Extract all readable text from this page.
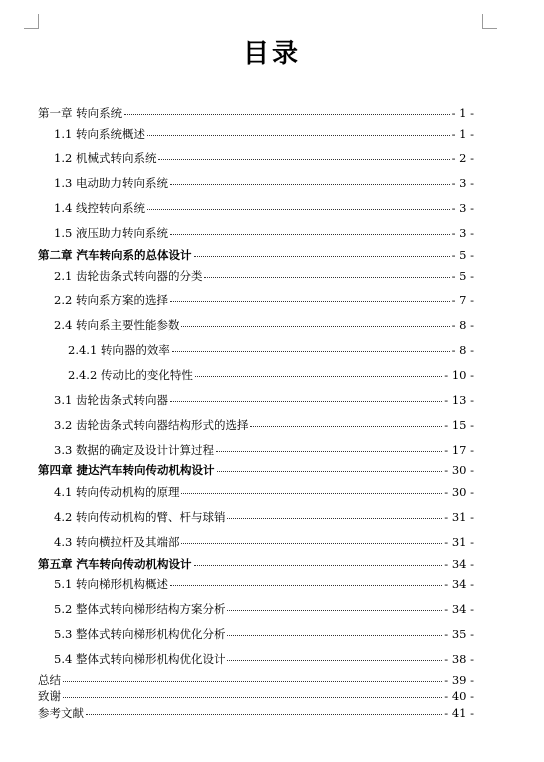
目录
第一章 转向系统	- 1 -
1.1 转向系统概述	- 1 -
1.2 机械式转向系统	- 2 -
1.3 电动助力转向系统	- 3 -
1.4 线控转向系统	- 3 -
1.5 液压助力转向系统	- 3 -
第二章 汽车转向系的总体设计	- 5 -
2.1 齿轮齿条式转向器的分类	- 5 -
2.2 转向系方案的选择	- 7 -
2.4 转向系主要性能参数	- 8 -
2.4.1 转向器的效率	- 8 -
2.4.2 传动比的变化特性	- 10 -
3.1 齿轮齿条式转向器	- 13 -
3.2 齿轮齿条式转向器结构形式的选择	- 15 -
3.3 数据的确定及设计计算过程	- 17 -
第四章 捷达汽车转向传动机构设计	- 30 -
4.1 转向传动机构的原理	- 30 -
4.2 转向传动机构的臂、杆与球销	- 31 -
4.3 转向横拉杆及其端部	- 31 -
第五章 汽车转向传动机构设计	- 34 -
5.1 转向梯形机构概述	- 34 -
5.2 整体式转向梯形结构方案分析	- 34 -
5.3 整体式转向梯形机构优化分析	- 35 -
5.4 整体式转向梯形机构优化设计	- 38 -
总结	- 39 -
致谢	- 40 -
参考文献	- 41 -
